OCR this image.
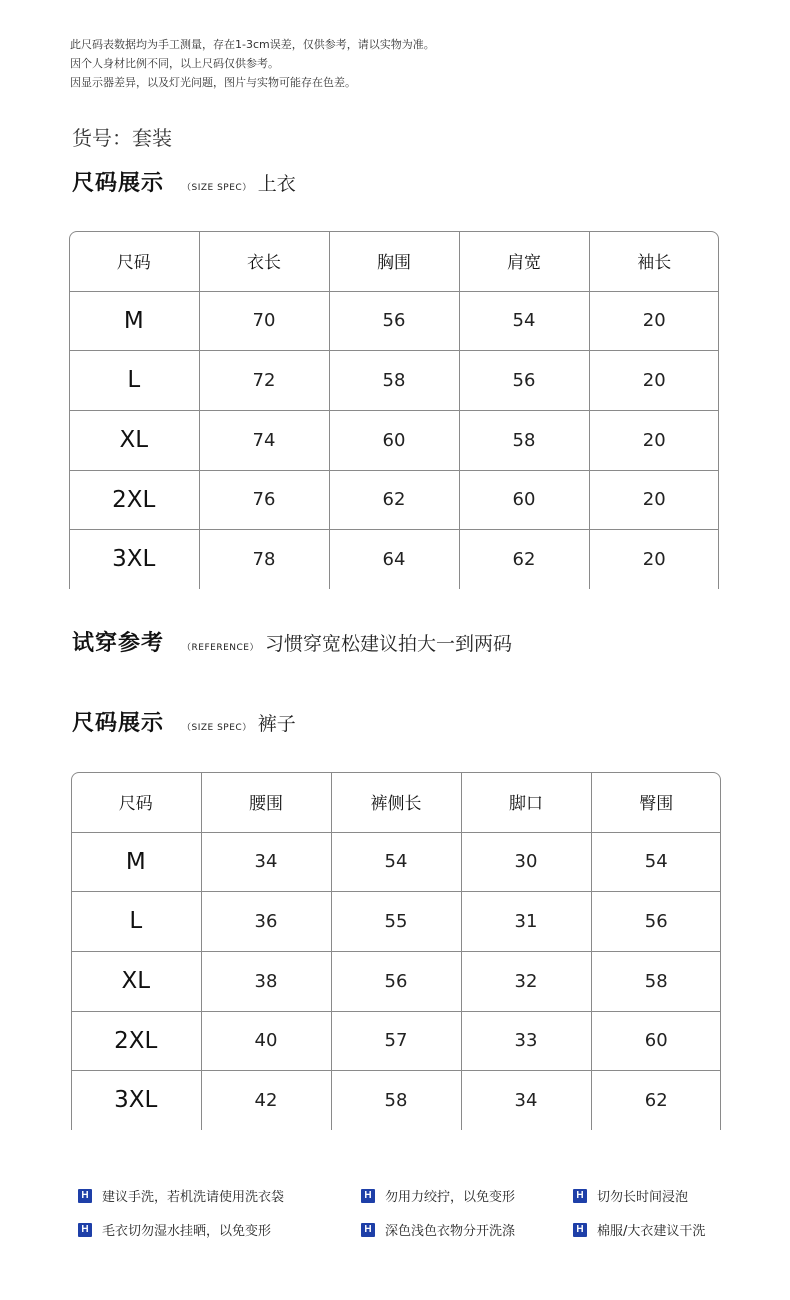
此尺码表数据均为手工测量，存在1-3cm误差，仅供参考，请以实物为准。
因个人身材比例不同，以上尺码仅供参考。
因显示器差异，以及灯光问题，图片与实物可能存在色差。
货号：套装
尺码展示 （SIZE SPEC） 上衣
尺码	衣长	胸围	肩宽	袖长
M	70	56	54	20
L	72	58	56	20
XL	74	60	58	20
2XL	76	62	60	20
3XL	78	64	62	20
试穿参考 （REFERENCE） 习惯穿宽松建议拍大一到两码
尺码展示 （SIZE SPEC） 裤子
尺码	腰围	裤侧长	脚口	臀围
M	34	54	30	54
L	36	55	31	56
XL	38	56	32	58
2XL	40	57	33	60
3XL	42	58	34	62
H 建议手洗，若机洗请使用洗衣袋	H 勿用力绞拧，以免变形	H 切勿长时间浸泡
H 毛衣切勿湿水挂晒，以免变形	H 深色浅色衣物分开洗涤	H 棉服/大衣建议干洗
